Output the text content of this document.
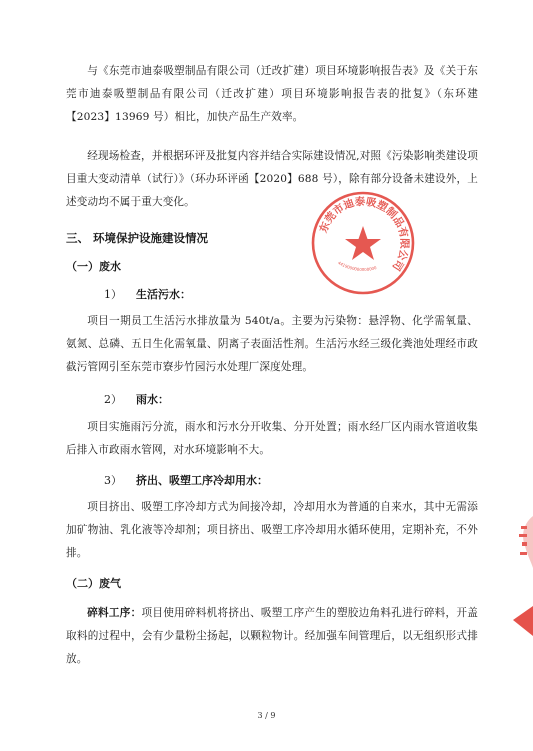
与《东莞市迪泰吸塑制品有限公司（迁改扩建）项目环境影响报告表》及《关于东莞市迪泰吸塑制品有限公司（迁改扩建）项目环境影响报告表的批复》（东环建【2023】13969 号）相比，加快产品生产效率。

经现场检查，并根据环评及批复内容并结合实际建设情况,对照《污染影响类建设项目重大变动清单（试行）》（环办环评函【2020】688 号），除有部分设备未建设外，上述变动均不属于重大变化。

三、 环境保护设施建设情况
（一）废水
1） 生活污水：

项目一期员工生活污水排放量为 540t/a。主要为污染物：悬浮物、化学需氧量、氨氮、总磷、五日生化需氧量、阴离子表面活性剂。生活污水经三级化粪池处理经市政截污管网引至东莞市寮步竹园污水处理厂深度处理。

2） 雨水：

项目实施雨污分流，雨水和污水分开收集、分开处置；雨水经厂区内雨水管道收集后排入市政雨水管网，对水环境影响不大。

3） 挤出、吸塑工序冷却用水：

项目挤出、吸塑工序冷却方式为间接冷却，冷却用水为普通的自来水，其中无需添加矿物油、乳化液等冷却剂；项目挤出、吸塑工序冷却用水循环使用，定期补充，不外排。

（二）废气

碎料工序：项目使用碎料机将挤出、吸塑工序产生的塑胶边角料孔进行碎料，开盖取料的过程中，会有少量粉尘扬起，以颗粒物计。经加强车间管理后，以无组织形式排放。

东莞市迪泰吸塑制品有限公司
4419000000000000
3 / 9
